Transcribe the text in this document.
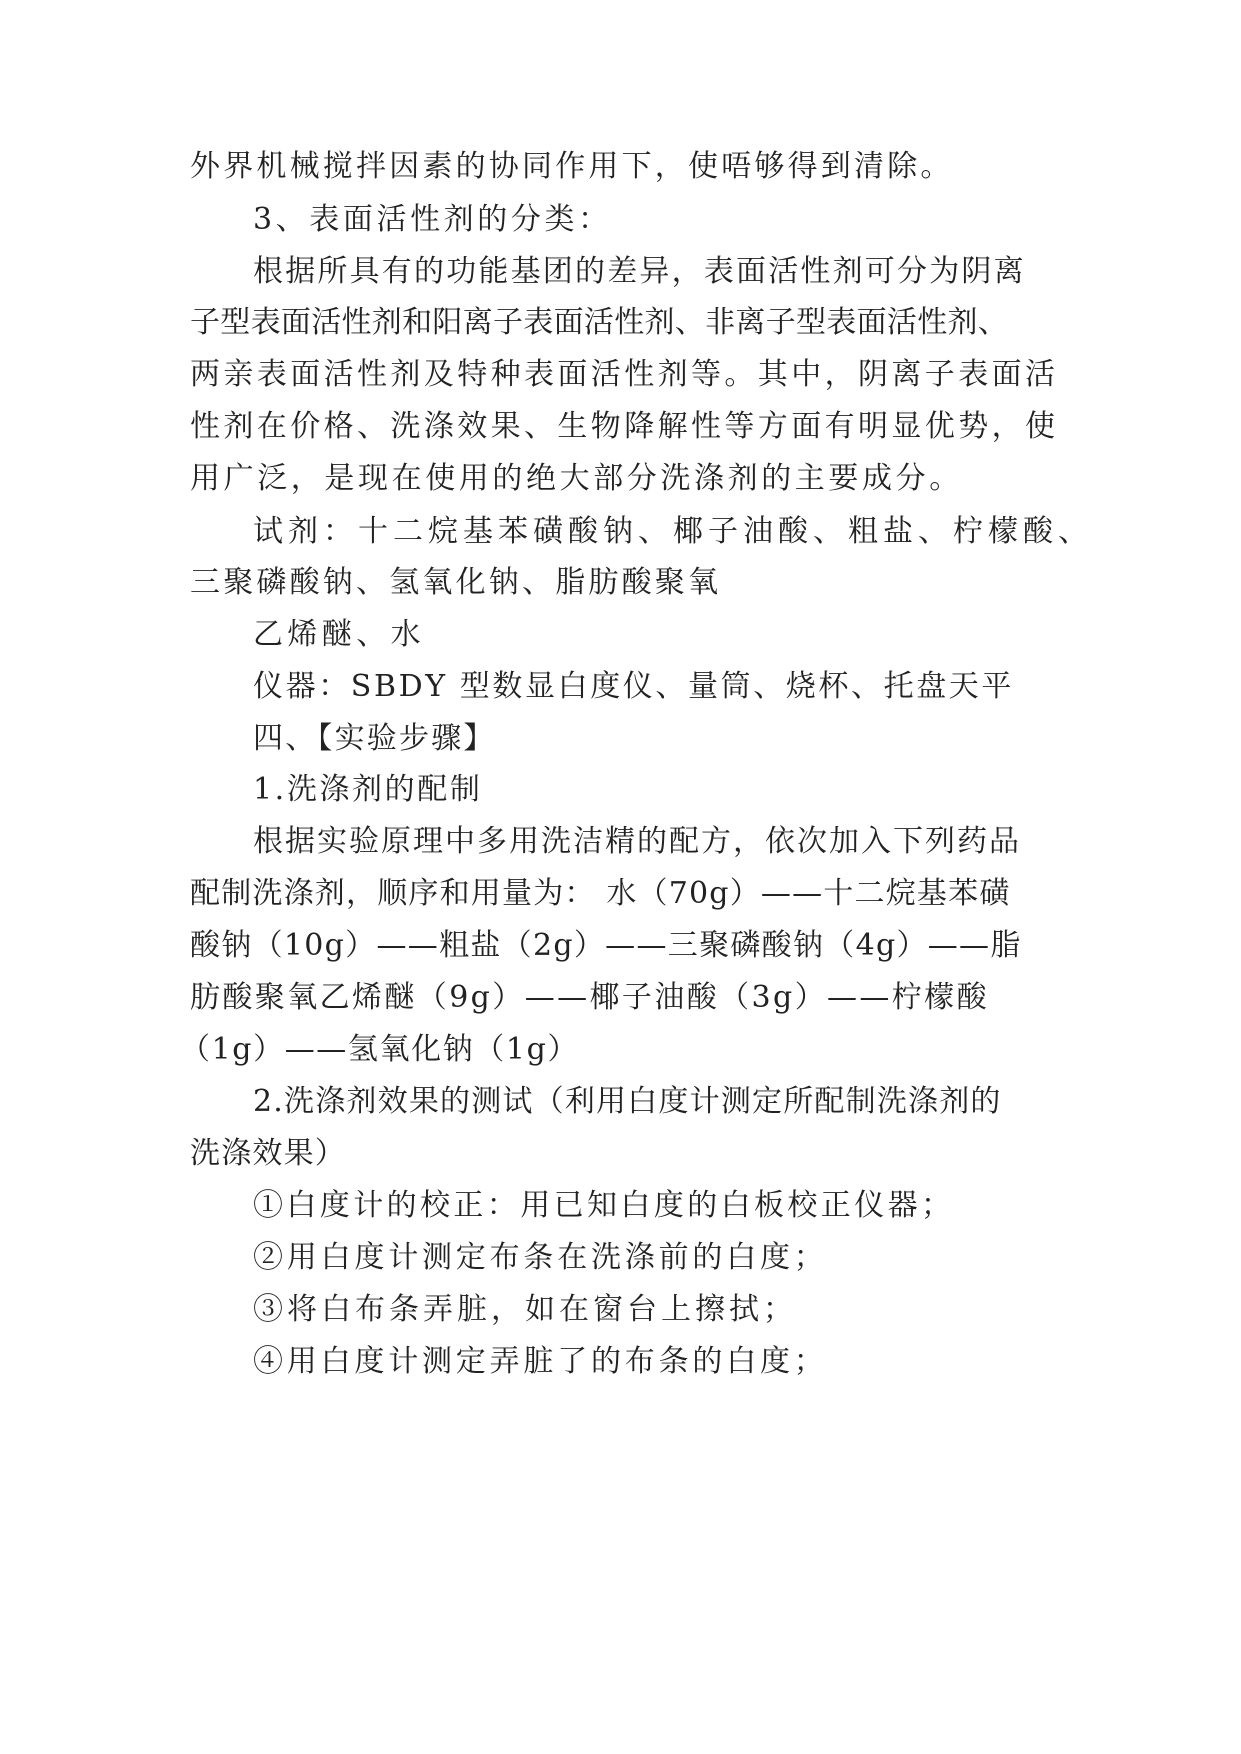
外界机械搅拌因素的协同作用下，使唔够得到清除。
3、表面活性剂的分类：
根据所具有的功能基团的差异，表面活性剂可分为阴离
子型表面活性剂和阳离子表面活性剂、非离子型表面活性剂、
两亲表面活性剂及特种表面活性剂等。其中，阴离子表面活
性剂在价格、洗涤效果、生物降解性等方面有明显优势，使
用广泛，是现在使用的绝大部分洗涤剂的主要成分。
试剂：十二烷基苯磺酸钠、椰子油酸、粗盐、柠檬酸、
三聚磷酸钠、氢氧化钠、脂肪酸聚氧
乙烯醚、水
仪器：SBDY 型数显白度仪、量筒、烧杯、托盘天平
四、【实验步骤】
1.洗涤剂的配制
根据实验原理中多用洗洁精的配方，依次加入下列药品
配制洗涤剂，顺序和用量为： 水（70g）——十二烷基苯磺
酸钠（10g）——粗盐（2g）——三聚磷酸钠（4g）——脂
肪酸聚氧乙烯醚（9g）——椰子油酸（3g）——柠檬酸
（1g）——氢氧化钠（1g）
2.洗涤剂效果的测试（利用白度计测定所配制洗涤剂的
洗涤效果）
①白度计的校正：用已知白度的白板校正仪器；
②用白度计测定布条在洗涤前的白度；
③将白布条弄脏，如在窗台上擦拭；
④用白度计测定弄脏了的布条的白度；
